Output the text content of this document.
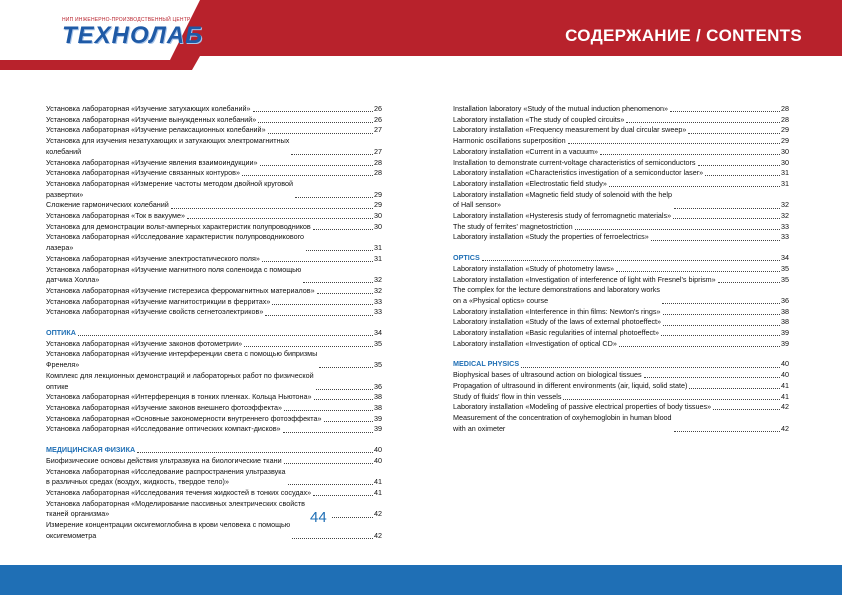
НИП ИНЖЕНЕРНО-ПРОИЗВОДСТВЕННЫЙ ЦЕНТР
ТЕХНОЛАБ	СОДЕРЖАНИЕ / CONTENTS
Установка лабораторная «Изучение затухающих колебаний»	26
Установка лабораторная «Изучение вынужденных колебаний»	26
Установка лабораторная «Изучение релаксационных колебаний»	27
Установка для изучения незатухающих и затухающих электромагнитных
колебаний	27
Установка лабораторная «Изучение явления взаимоиндукции»	28
Установка лабораторная «Изучение связанных контуров»	28
Установка лабораторная «Измерение частоты методом двойной круговой
развертки»	29
Сложение гармонических колебаний	29
Установка лабораторная «Ток в вакууме»	30
Установка для демонстрации вольт-амперных характеристик полупроводников	30
Установка лабораторная «Исследование характеристик полупроводникового
лазера»	31
Установка лабораторная «Изучение электростатического поля»	31
Установка лабораторная «Изучение магнитного поля соленоида с помощью
датчика Холла»	32
Установка лабораторная «Изучение гистерезиса ферромагнитных материалов»	32
Установка лабораторная «Изучение магнитострикции в ферритах»	33
Установка лабораторная «Изучение свойств сегнетоэлектриков»	33
ОПТИКА	34
Установка лабораторная «Изучение законов фотометрии»	35
Установка лабораторная «Изучение интерференции света с помощью бипризмы
Френеля»	35
Комплекс для лекционных демонстраций и лабораторных работ по физической
оптике	36
Установка лабораторная «Интерференция в тонких пленках. Кольца Ньютона»	38
Установка лабораторная «Изучение законов внешнего фотоэффекта»	38
Установка лабораторная «Основные закономерности внутреннего фотоэффекта»	39
Установка лабораторная «Исследование оптических компакт-дисков»	39
МЕДИЦИНСКАЯ ФИЗИКА	40
Биофизические основы действия ультразвука на биологические ткани	40
Установка лабораторная «Исследование распространения ультразвука
в различных средах (воздух, жидкость, твердое тело)»	41
Установка лабораторная «Исследования течения жидкостей в тонких сосудах»	41
Установка лабораторная «Моделирование пассивных электрических свойств
тканей организма»	42
Измерение концентрации оксигемоглобина в крови человека с помощью
оксигемометра	42
Installation laboratory «Study of the mutual induction phenomenon»	28
Laboratory installation «The study of coupled circuits»	28
Laboratory installation «Frequency measurement by dual circular sweep»	29
Harmonic oscillations superposition	29
Laboratory installation «Current in a vacuum»	30
Installation to demonstrate current-voltage characteristics of semiconductors	30
Laboratory installation «Characteristics investigation of a semiconductor laser»	31
Laboratory installation «Electrostatic field study»	31
Laboratory installation «Magnetic field study of solenoid with the help
of Hall sensor»	32
Laboratory installation «Hysteresis study of ferromagnetic materials»	32
The study of ferrites' magnetostriction	33
Laboratory installation «Study the properties of ferroelectrics»	33
OPTICS	34
Laboratory installation «Study of photometry laws»	35
Laboratory installation «Investigation of interference of light with Fresnel's biprism»	35
The complex for the lecture demonstrations and laboratory works
on a «Physical optics» course	36
Laboratory installation «Interference in thin films: Newton's rings»	38
Laboratory installation «Study of the laws of external photoeffect»	38
Laboratory installation «Basic regularities of internal photoeffect»	39
Laboratory installation «Investigation of optical CD»	39
MEDICAL PHYSICS	40
Biophysical bases of ultrasound action on biological tissues	40
Propagation of ultrasound in different environments (air, liquid, solid state)	41
Study of fluids' flow in thin vessels	41
Laboratory installation «Modeling of passive electrical properties of body tissues»	42
Measurement of the concentration of oxyhemoglobin in human blood
with an oximeter	42
44
